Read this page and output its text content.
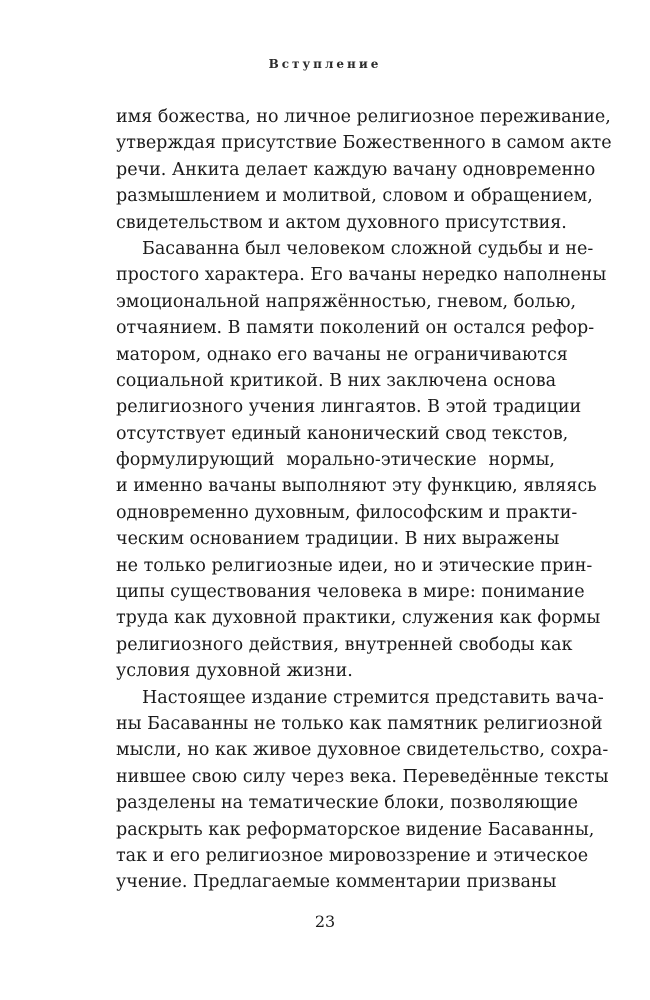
Вступление
имя божества, но личное религиозное переживание,
утверждая присутствие Божественного в самом акте
речи. Анкита делает каждую вачану одновременно
размышлением и молитвой, словом и обращением,
свидетельством и актом духовного присутствия.
Басаванна был человеком сложной судьбы и не-
простого характера. Его вачаны нередко наполнены
эмоциональной напряжённостью, гневом, болью,
отчаянием. В памяти поколений он остался рефор-
матором, однако его вачаны не ограничиваются
социальной критикой. В них заключена основа
религиозного учения лингаятов. В этой традиции
отсутствует единый канонический свод текстов,
формулирующий морально-этические нормы,
и именно вачаны выполняют эту функцию, являясь
одновременно духовным, философским и практи-
ческим основанием традиции. В них выражены
не только религиозные идеи, но и этические прин-
ципы существования человека в мире: понимание
труда как духовной практики, служения как формы
религиозного действия, внутренней свободы как
условия духовной жизни.
Настоящее издание стремится представить вача-
ны Басаванны не только как памятник религиозной
мысли, но как живое духовное свидетельство, сохра-
нившее свою силу через века. Переведённые тексты
разделены на тематические блоки, позволяющие
раскрыть как реформаторское видение Басаванны,
так и его религиозное мировоззрение и этическое
учение. Предлагаемые комментарии призваны
23
